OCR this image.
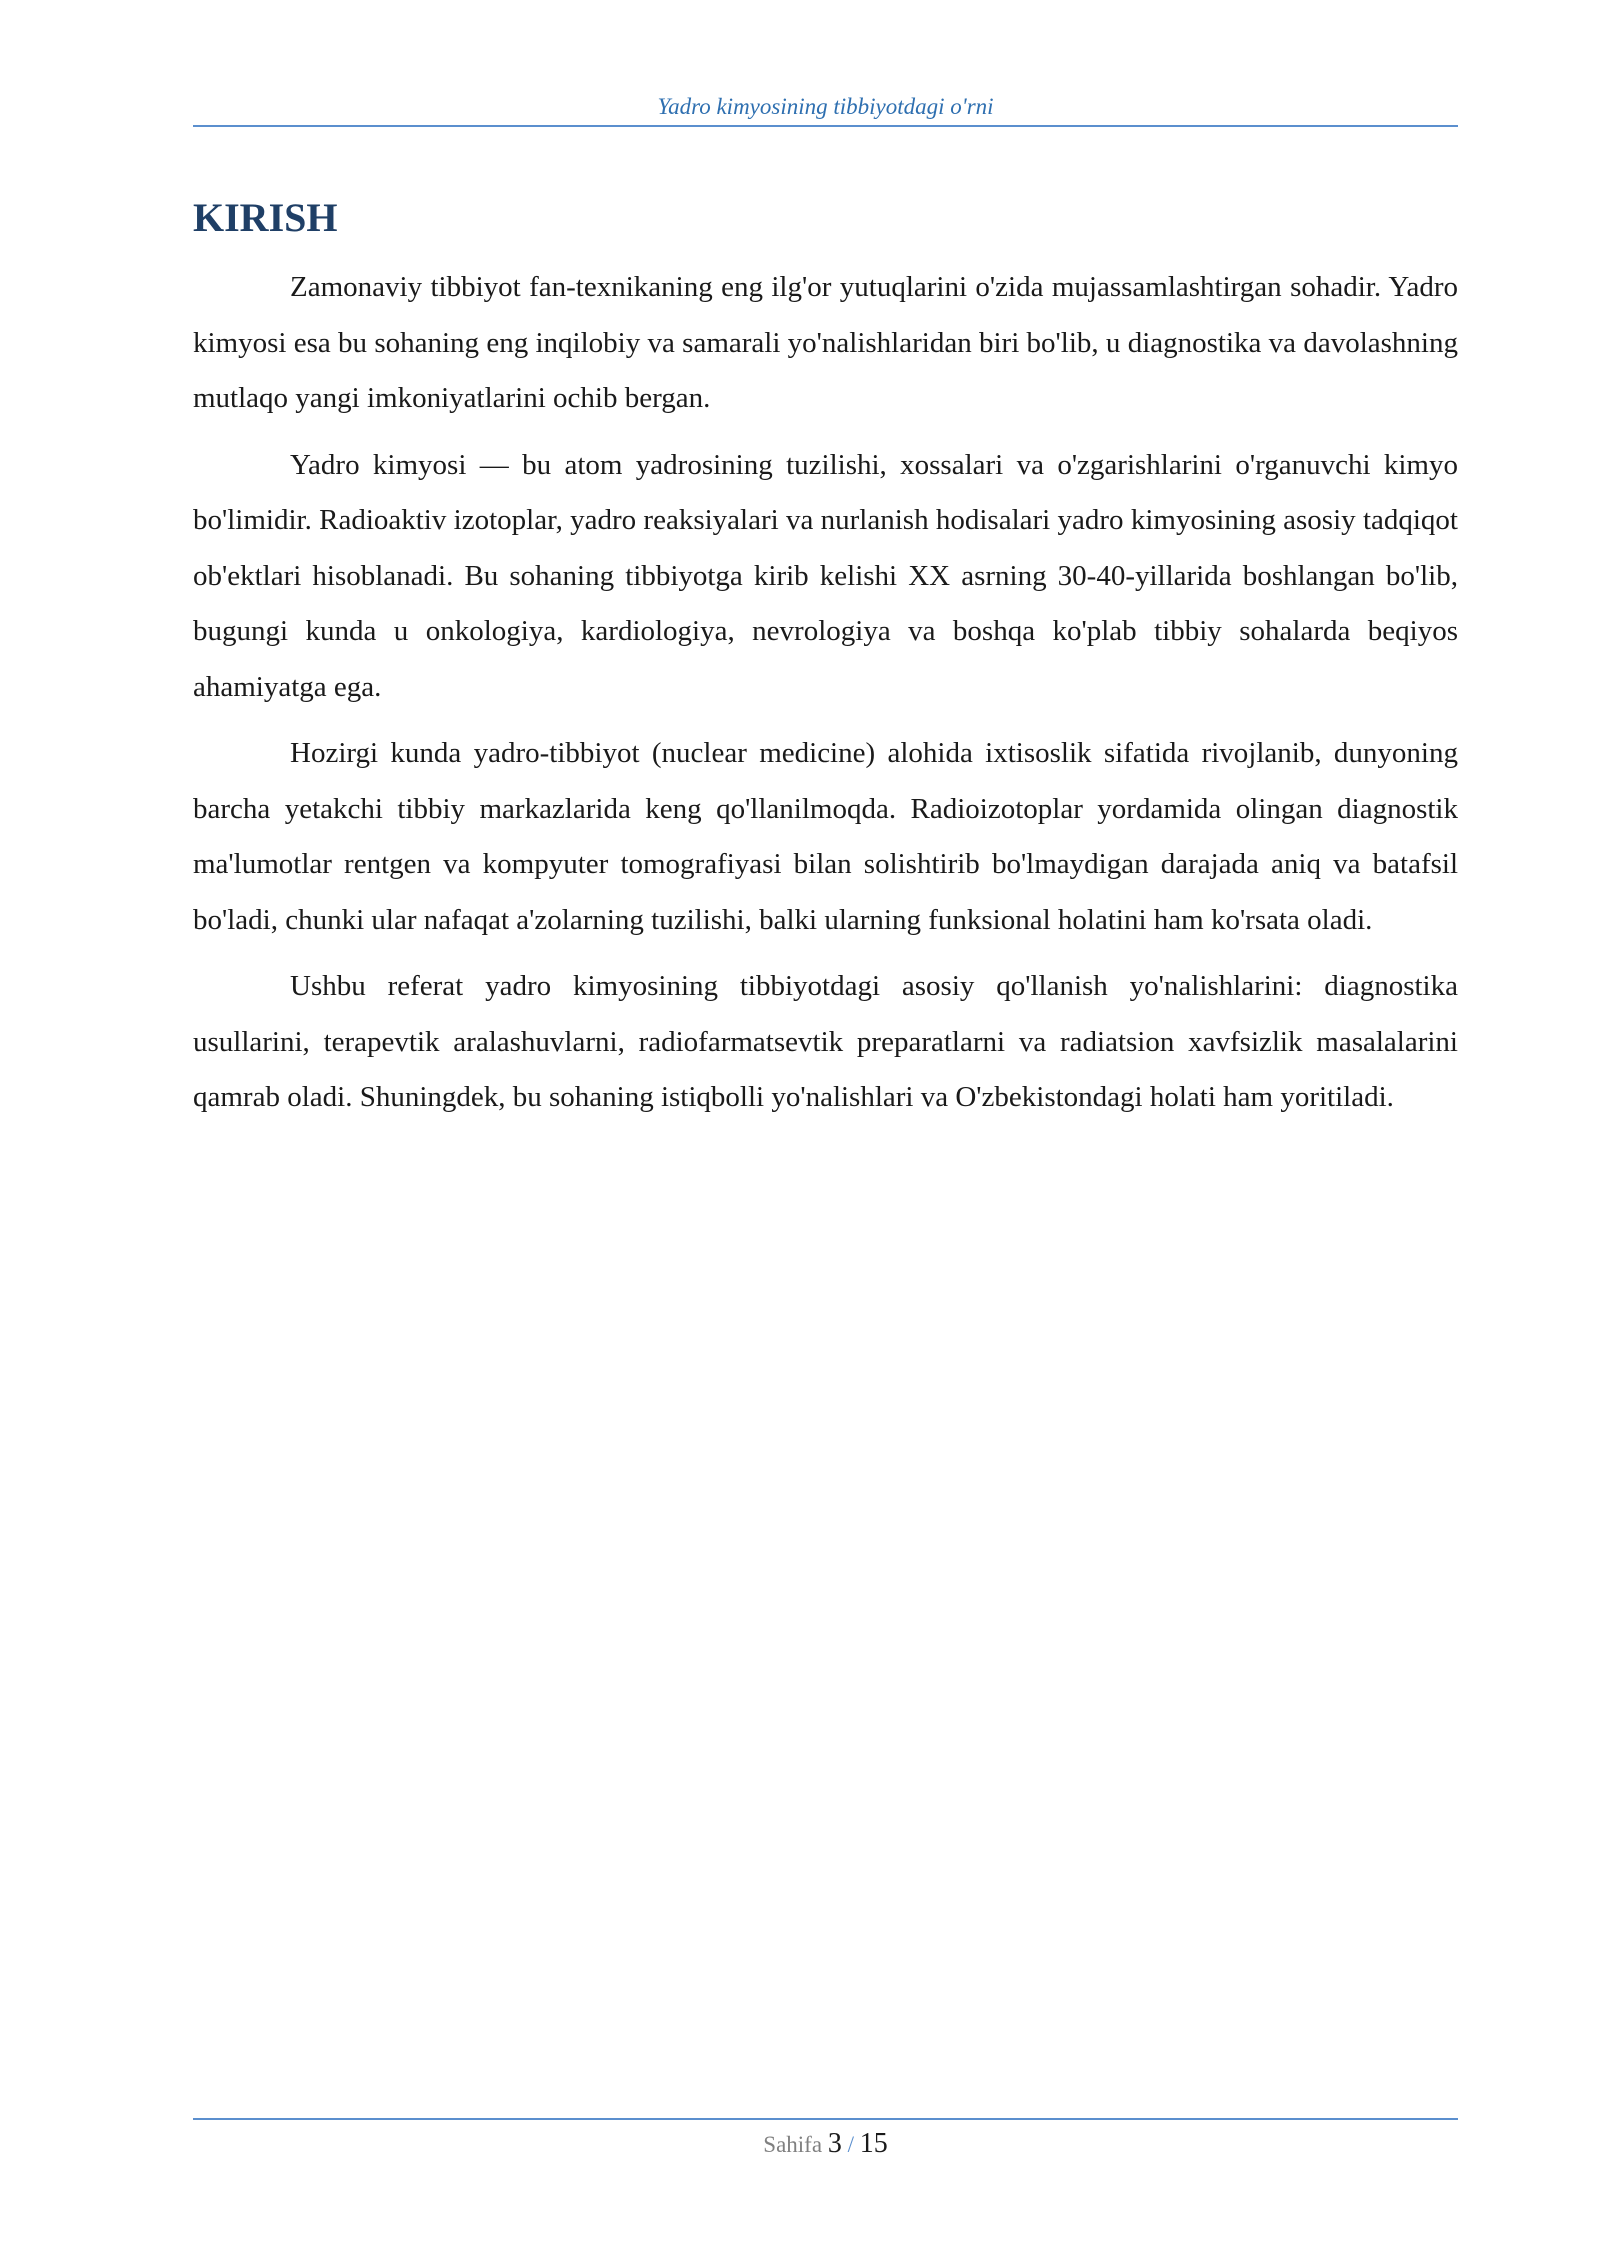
Yadro kimyosining tibbiyotdagi o'rni
KIRISH

Zamonaviy tibbiyot fan-texnikaning eng ilg'or yutuqlarini o'zida mujassamlashtirgan sohadir. Yadro kimyosi esa bu sohaning eng inqilobiy va samarali yo'nalishlaridan biri bo'lib, u diagnostika va davolashning mutlaqo yangi imkoniyatlarini ochib bergan.

Yadro kimyosi — bu atom yadrosining tuzilishi, xossalari va o'zgarishlarini o'rganuvchi kimyo bo'limidir. Radioaktiv izotoplar, yadro reaksiyalari va nurlanish hodisalari yadro kimyosining asosiy tadqiqot ob'ektlari hisoblanadi. Bu sohaning tibbiyotga kirib kelishi XX asrning 30-40-yillarida boshlangan bo'lib, bugungi kunda u onkologiya, kardiologiya, nevrologiya va boshqa ko'plab tibbiy sohalarda beqiyos ahamiyatga ega.

Hozirgi kunda yadro-tibbiyot (nuclear medicine) alohida ixtisoslik sifatida rivojlanib, dunyoning barcha yetakchi tibbiy markazlarida keng qo'llanilmoqda. Radioizotoplar yordamida olingan diagnostik ma'lumotlar rentgen va kompyuter tomografiyasi bilan solishtirib bo'lmaydigan darajada aniq va batafsil bo'ladi, chunki ular nafaqat a'zolarning tuzilishi, balki ularning funksional holatini ham ko'rsata oladi.

Ushbu referat yadro kimyosining tibbiyotdagi asosiy qo'llanish yo'nalishlarini: diagnostika usullarini, terapevtik aralashuvlarni, radiofarmatsevtik preparatlarni va radiatsion xavfsizlik masalalarini qamrab oladi. Shuningdek, bu sohaning istiqbolli yo'nalishlari va O'zbekistondagi holati ham yoritiladi.

Sahifa 3 / 15
